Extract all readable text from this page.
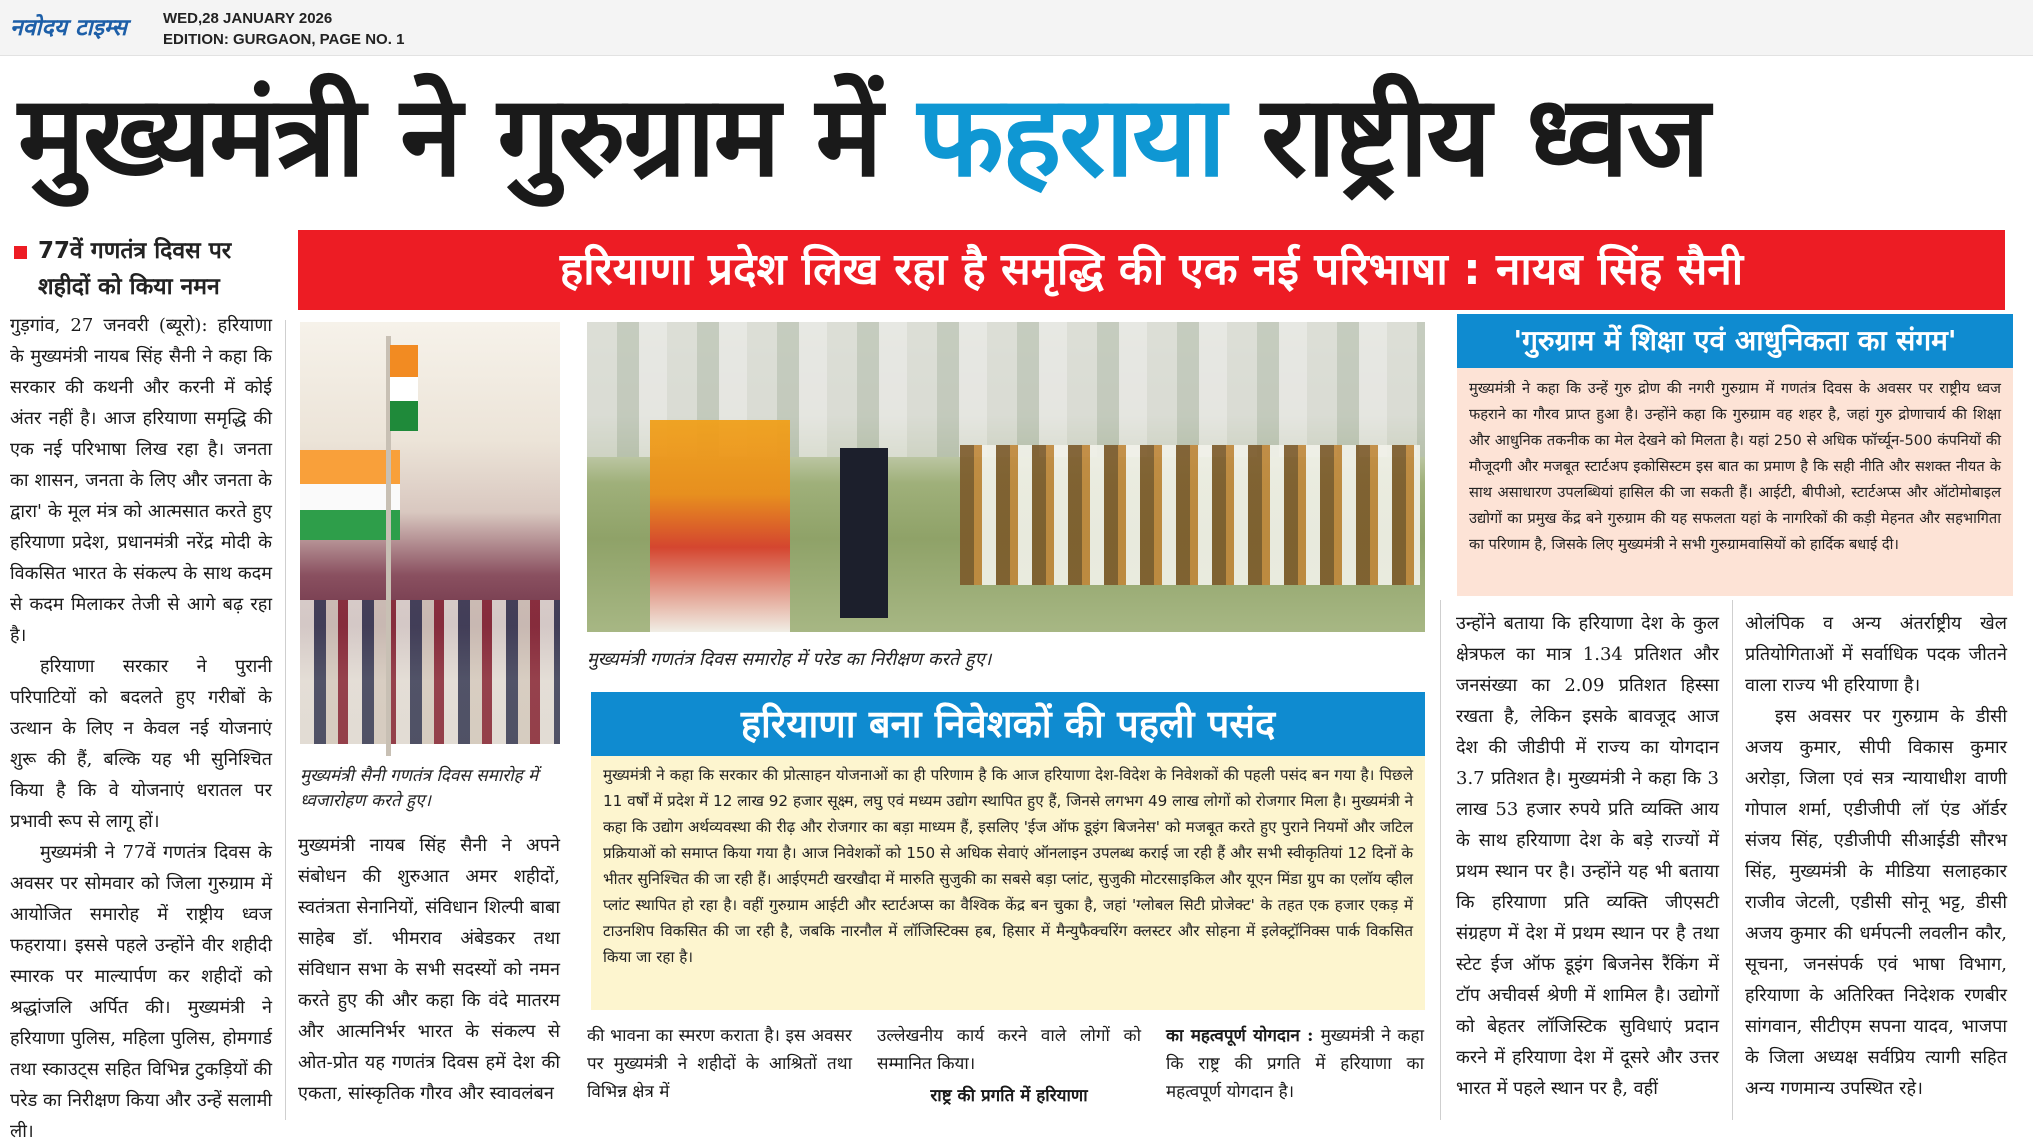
नवोदय टाइम्स WED,28 JANUARY 2026
EDITION: GURGAON, PAGE NO. 1
मुख्यमंत्री ने गुरुग्राम में फहराया राष्ट्रीय ध्वज
हरियाणा प्रदेश लिख रहा है समृद्धि की एक नई परिभाषा : नायब सिंह सैनी
77वें गणतंत्र दिवस पर शहीदों को किया नमन

गुड़गांव, 27 जनवरी (ब्यूरो): हरियाणा के मुख्यमंत्री नायब सिंह सैनी ने कहा कि सरकार की कथनी और करनी में कोई अंतर नहीं है। आज हरियाणा समृद्धि की एक नई परिभाषा लिख रहा है। जनता का शासन, जनता के लिए और जनता के द्वारा' के मूल मंत्र को आत्मसात करते हुए हरियाणा प्रदेश, प्रधानमंत्री नरेंद्र मोदी के विकसित भारत के संकल्प के साथ कदम से कदम मिलाकर तेजी से आगे बढ़ रहा है।

हरियाणा सरकार ने पुरानी परिपाटियों को बदलते हुए गरीबों के उत्थान के लिए न केवल नई योजनाएं शुरू की हैं, बल्कि यह भी सुनिश्चित किया है कि वे योजनाएं धरातल पर प्रभावी रूप से लागू हों।

मुख्यमंत्री ने 77वें गणतंत्र दिवस के अवसर पर सोमवार को जिला गुरुग्राम में आयोजित समारोह में राष्ट्रीय ध्वज फहराया। इससे पहले उन्होंने वीर शहीदी स्मारक पर माल्यार्पण कर शहीदों को श्रद्धांजलि अर्पित की। मुख्यमंत्री ने हरियाणा पुलिस, महिला पुलिस, होमगार्ड तथा स्काउट्स सहित विभिन्न टुकड़ियों की परेड का निरीक्षण किया और उन्हें सलामी ली।

मुख्यमंत्री सैनी गणतंत्र दिवस समारोह में ध्वजारोहण करते हुए।
मुख्यमंत्री गणतंत्र दिवस समारोह में परेड का निरीक्षण करते हुए।
हरियाणा बना निवेशकों की पहली पसंद
मुख्यमंत्री ने कहा कि सरकार की प्रोत्साहन योजनाओं का ही परिणाम है कि आज हरियाणा देश-विदेश के निवेशकों की पहली पसंद बन गया है। पिछले 11 वर्षों में प्रदेश में 12 लाख 92 हजार सूक्ष्म, लघु एवं मध्यम उद्योग स्थापित हुए हैं, जिनसे लगभग 49 लाख लोगों को रोजगार मिला है। मुख्यमंत्री ने कहा कि उद्योग अर्थव्यवस्था की रीढ़ और रोजगार का बड़ा माध्यम हैं, इसलिए 'ईज ऑफ डूइंग बिजनेस' को मजबूत करते हुए पुराने नियमों और जटिल प्रक्रियाओं को समाप्त किया गया है। आज निवेशकों को 150 से अधिक सेवाएं ऑनलाइन उपलब्ध कराई जा रही हैं और सभी स्वीकृतियां 12 दिनों के भीतर सुनिश्चित की जा रही हैं। आईएमटी खरखौदा में मारुति सुजुकी का सबसे बड़ा प्लांट, सुजुकी मोटरसाइकिल और यूएन मिंडा ग्रुप का एलॉय व्हील प्लांट स्थापित हो रहा है। वहीं गुरुग्राम आईटी और स्टार्टअप्स का वैश्विक केंद्र बन चुका है, जहां 'ग्लोबल सिटी प्रोजेक्ट' के तहत एक हजार एकड़ में टाउनशिप विकसित की जा रही है, जबकि नारनौल में लॉजिस्टिक्स हब, हिसार में मैन्युफैक्चरिंग क्लस्टर और सोहना में इलेक्ट्रॉनिक्स पार्क विकसित किया जा रहा है।

मुख्यमंत्री नायब सिंह सैनी ने अपने संबोधन की शुरुआत अमर शहीदों, स्वतंत्रता सेनानियों, संविधान शिल्पी बाबा साहेब डॉ. भीमराव अंबेडकर तथा संविधान सभा के सभी सदस्यों को नमन करते हुए की और कहा कि वंदे मातरम और आत्मनिर्भर भारत के संकल्प से ओत-प्रोत यह गणतंत्र दिवस हमें देश की एकता, सांस्कृतिक गौरव और स्वावलंबन

की भावना का स्मरण कराता है। इस अवसर पर मुख्यमंत्री ने शहीदों के आश्रितों तथा विभिन्न क्षेत्र में

उल्लेखनीय कार्य करने वाले लोगों को सम्मानित किया।

राष्ट्र की प्रगति में हरियाणा

का महत्वपूर्ण योगदान : मुख्यमंत्री ने कहा कि राष्ट्र की प्रगति में हरियाणा का महत्वपूर्ण योगदान है।

'गुरुग्राम में शिक्षा एवं आधुनिकता का संगम'
मुख्यमंत्री ने कहा कि उन्हें गुरु द्रोण की नगरी गुरुग्राम में गणतंत्र दिवस के अवसर पर राष्ट्रीय ध्वज फहराने का गौरव प्राप्त हुआ है। उन्होंने कहा कि गुरुग्राम वह शहर है, जहां गुरु द्रोणाचार्य की शिक्षा और आधुनिक तकनीक का मेल देखने को मिलता है। यहां 250 से अधिक फॉर्च्यून-500 कंपनियों की मौजूदगी और मजबूत स्टार्टअप इकोसिस्टम इस बात का प्रमाण है कि सही नीति और सशक्त नीयत के साथ असाधारण उपलब्धियां हासिल की जा सकती हैं। आईटी, बीपीओ, स्टार्टअप्स और ऑटोमोबाइल उद्योगों का प्रमुख केंद्र बने गुरुग्राम की यह सफलता यहां के नागरिकों की कड़ी मेहनत और सहभागिता का परिणाम है, जिसके लिए मुख्यमंत्री ने सभी गुरुग्रामवासियों को हार्दिक बधाई दी।

उन्होंने बताया कि हरियाणा देश के कुल क्षेत्रफल का मात्र 1.34 प्रतिशत और जनसंख्या का 2.09 प्रतिशत हिस्सा रखता है, लेकिन इसके बावजूद आज देश की जीडीपी में राज्य का योगदान 3.7 प्रतिशत है। मुख्यमंत्री ने कहा कि 3 लाख 53 हजार रुपये प्रति व्यक्ति आय के साथ हरियाणा देश के बड़े राज्यों में प्रथम स्थान पर है। उन्होंने यह भी बताया कि हरियाणा प्रति व्यक्ति जीएसटी संग्रहण में देश में प्रथम स्थान पर है तथा स्टेट ईज ऑफ डूइंग बिजनेस रैंकिंग में टॉप अचीवर्स श्रेणी में शामिल है। उद्योगों को बेहतर लॉजिस्टिक सुविधाएं प्रदान करने में हरियाणा देश में दूसरे और उत्तर भारत में पहले स्थान पर है, वहीं

ओलंपिक व अन्य अंतर्राष्ट्रीय खेल प्रतियोगिताओं में सर्वाधिक पदक जीतने वाला राज्य भी हरियाणा है।

इस अवसर पर गुरुग्राम के डीसी अजय कुमार, सीपी विकास कुमार अरोड़ा, जिला एवं सत्र न्यायाधीश वाणी गोपाल शर्मा, एडीजीपी लॉ एंड ऑर्डर संजय सिंह, एडीजीपी सीआईडी सौरभ सिंह, मुख्यमंत्री के मीडिया सलाहकार राजीव जेटली, एडीसी सोनू भट्ट, डीसी अजय कुमार की धर्मपत्नी लवलीन कौर, सूचना, जनसंपर्क एवं भाषा विभाग, हरियाणा के अतिरिक्त निदेशक रणबीर सांगवान, सीटीएम सपना यादव, भाजपा के जिला अध्यक्ष सर्वप्रिय त्यागी सहित अन्य गणमान्य उपस्थित रहे।
